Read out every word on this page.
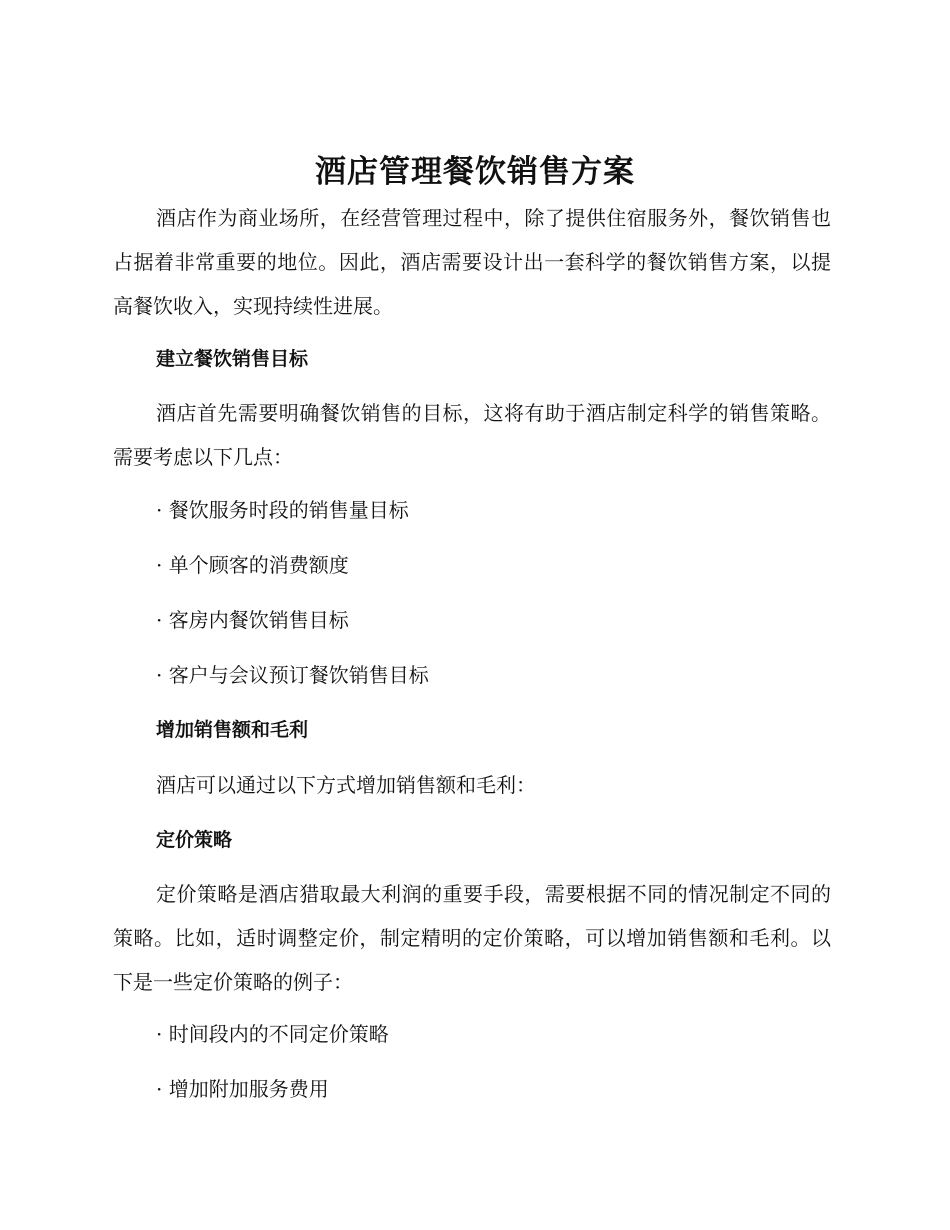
酒店管理餐饮销售方案

酒店作为商业场所，在经营管理过程中，除了提供住宿服务外，餐饮销售也占据着非常重要的地位。因此，酒店需要设计出一套科学的餐饮销售方案，以提高餐饮收入，实现持续性进展。

建立餐饮销售目标

酒店首先需要明确餐饮销售的目标，这将有助于酒店制定科学的销售策略。需要考虑以下几点：

· 餐饮服务时段的销售量目标

· 单个顾客的消费额度

· 客房内餐饮销售目标

· 客户与会议预订餐饮销售目标

增加销售额和毛利

酒店可以通过以下方式增加销售额和毛利：

定价策略

定价策略是酒店猎取最大利润的重要手段，需要根据不同的情况制定不同的策略。比如，适时调整定价，制定精明的定价策略，可以增加销售额和毛利。以下是一些定价策略的例子：

· 时间段内的不同定价策略

· 增加附加服务费用
